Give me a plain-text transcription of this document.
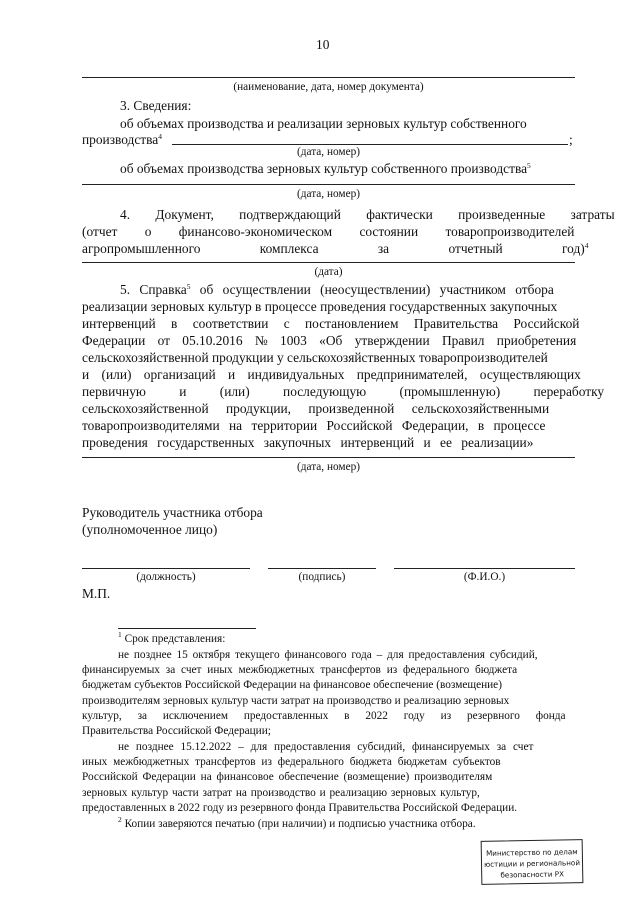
10
(наименование, дата, номер документа)
3. Сведения:
об объемах производства и реализации зерновых культур собственного
производства$^4$	;
(дата, номер)
об объемах производства зерновых культур собственного производства$^5$
(дата, номер)
4. Документ, подтверждающий фактически произведенные затраты
(отчет о финансово-экономическом состоянии товаропроизводителей
агропромышленного комплекса за отчетный год)$^4$
(дата)
5. Справка$^5$ об осуществлении (неосуществлении) участником отбора
реализации зерновых культур в процессе проведения государственных закупочных
интервенций в соответствии с постановлением Правительства Российской
Федерации от 05.10.2016 № 1003 «Об утверждении Правил приобретения
сельскохозяйственной продукции у сельскохозяйственных товаропроизводителей
и (или) организаций и индивидуальных предпринимателей, осуществляющих
первичную и (или) последующую (промышленную) переработку
сельскохозяйственной продукции, произведенной сельскохозяйственными
товаропроизводителями на территории Российской Федерации, в процессе
проведения государственных закупочных интервенций и ее реализации»
(дата, номер)
Руководитель участника отбора
(уполномоченное лицо)
(должность)	(подпись)	(Ф.И.О.)
М.П.
$^1$ Срок представления:
не позднее 15 октября текущего финансового года – для предоставления субсидий,
финансируемых за счет иных межбюджетных трансфертов из федерального бюджета
бюджетам субъектов Российской Федерации на финансовое обеспечение (возмещение)
производителям зерновых культур части затрат на производство и реализацию зерновых
культур, за исключением предоставленных в 2022 году из резервного фонда
Правительства Российской Федерации;
не позднее 15.12.2022 – для предоставления субсидий, финансируемых за счет
иных межбюджетных трансфертов из федерального бюджета бюджетам субъектов
Российской Федерации на финансовое обеспечение (возмещение) производителям
зерновых культур части затрат на производство и реализацию зерновых культур,
предоставленных в 2022 году из резервного фонда Правительства Российской Федерации.
$^2$ Копии заверяются печатью (при наличии) и подписью участника отбора.
Министерство по делам
юстиции и региональной
безопасности РХ
